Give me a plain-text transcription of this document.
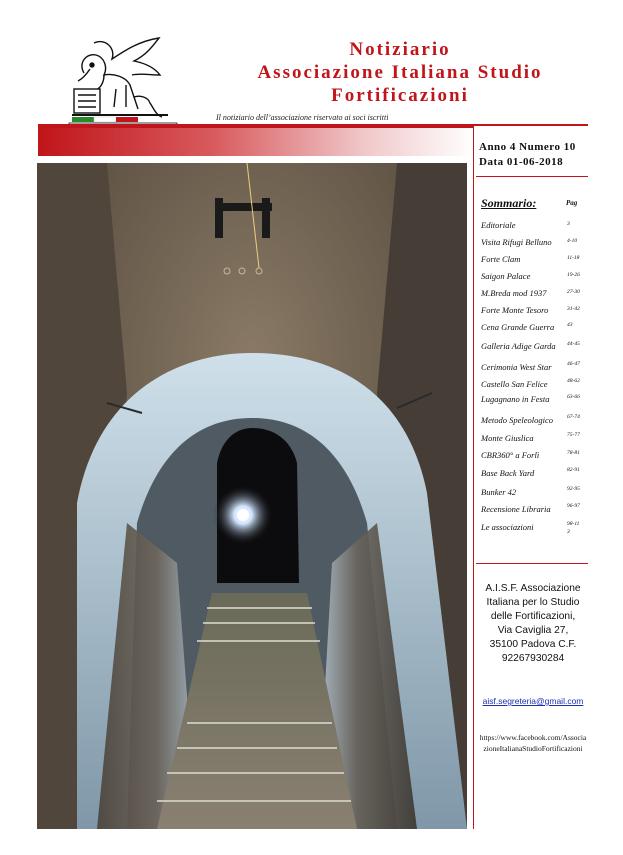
Notiziario
Associazione Italiana Studio
Fortificazioni
Il notiziario dell’associazione riservato ai soci iscritti
Anno 4 Numero 10
Data 01-06-2018
Sommario:	Pag
Editoriale	3
Visita Rifugi Belluno	4-10
Forte Clam	11-18
Saigon Palace	19-26
M.Breda mod 1937	27-30
Forte Monte Tesoro	31-42
Cena Grande Guerra 43
Galleria Adige Garda 44-45
Cerimonia West Star	46-47
Castello San Felice	48-62
Lugagnano in Festa	63-66
Metodo Speleologico	67-74
Monte Giuslica	75-77
CBR360° a Forlì	78-81
Base Back Yard	82-91
Bunker 42	92-95
Recensione Libraria	96-97
Le associazioni	98-113
A.I.S.F. Associazione
Italiana per lo Studio
delle Fortificazioni,
Via Caviglia 27,
35100 Padova C.F.
92267930284
aisf.segreteria@gmail.com
https://www.facebook.com/AssociazioneItalianaStudioFortificazioni
